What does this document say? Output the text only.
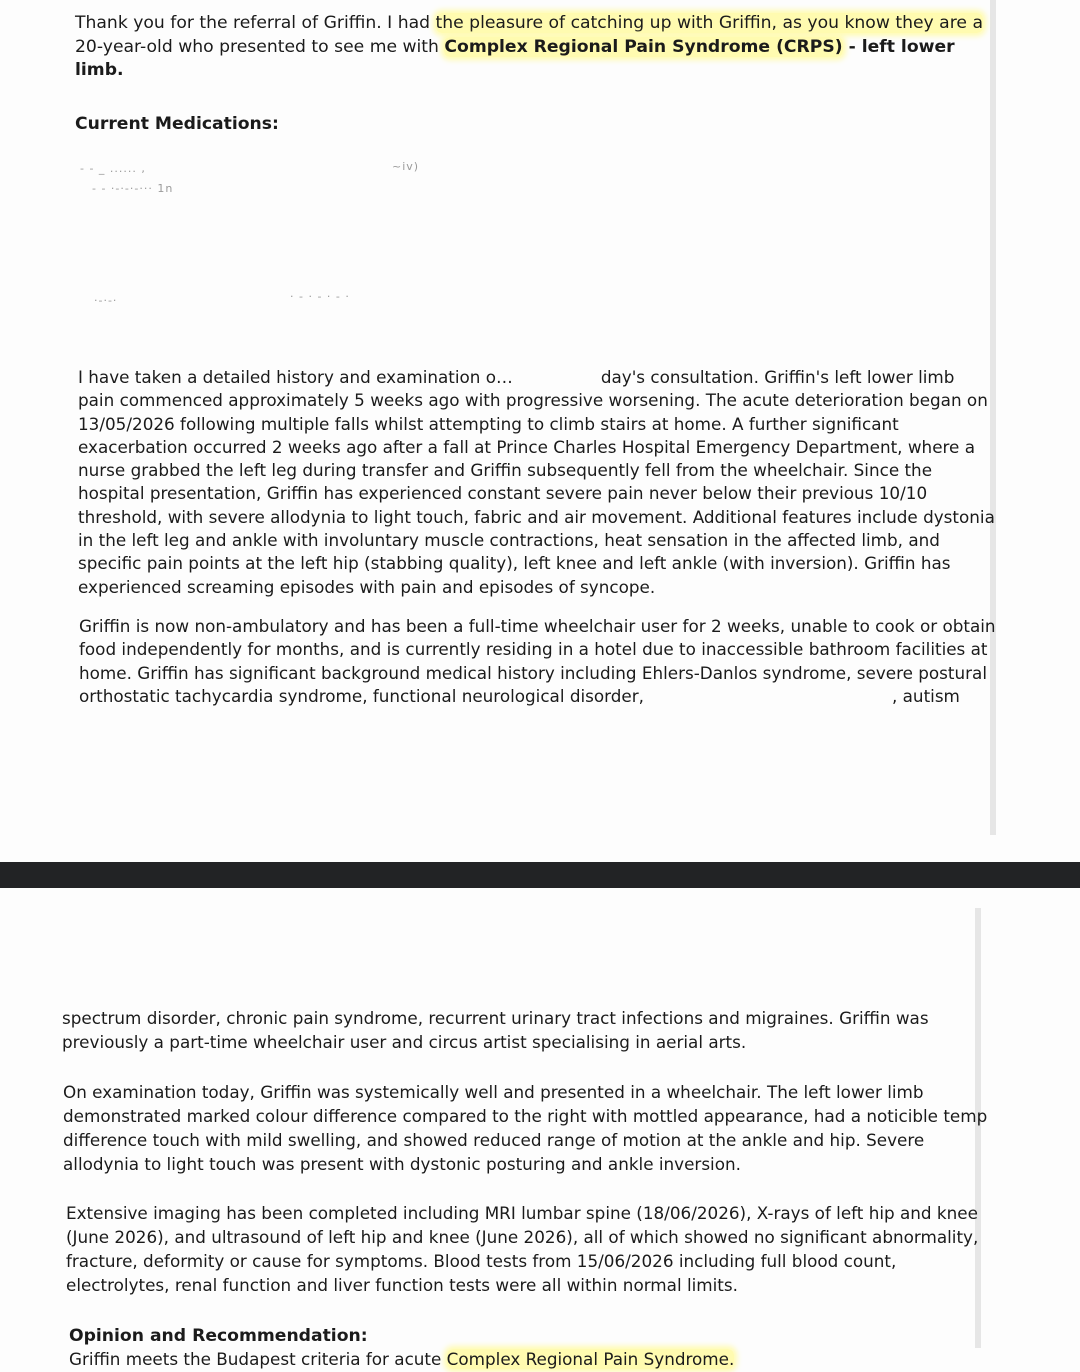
Thank you for the referral of Griffin. I had the pleasure of catching up with Griffin, as you know they are a
20-year-old who presented to see me with Complex Regional Pain Syndrome (CRPS) - left lower
limb.
Current Medications:
- - _ ...... ,	~iv)
- - ·-·-·-··· 1n
·-·-·	· - · - · - ·
I have taken a detailed history and examination o…	day's consultation. Griffin's left lower limb
pain commenced approximately 5 weeks ago with progressive worsening. The acute deterioration began on
13/05/2026 following multiple falls whilst attempting to climb stairs at home. A further significant
exacerbation occurred 2 weeks ago after a fall at Prince Charles Hospital Emergency Department, where a
nurse grabbed the left leg during transfer and Griffin subsequently fell from the wheelchair. Since the
hospital presentation, Griffin has experienced constant severe pain never below their previous 10/10
threshold, with severe allodynia to light touch, fabric and air movement. Additional features include dystonia
in the left leg and ankle with involuntary muscle contractions, heat sensation in the affected limb, and
specific pain points at the left hip (stabbing quality), left knee and left ankle (with inversion). Griffin has
experienced screaming episodes with pain and episodes of syncope.
Griffin is now non-ambulatory and has been a full-time wheelchair user for 2 weeks, unable to cook or obtain
food independently for months, and is currently residing in a hotel due to inaccessible bathroom facilities at
home. Griffin has significant background medical history including Ehlers-Danlos syndrome, severe postural
orthostatic tachycardia syndrome, functional neurological disorder,	, autism
spectrum disorder, chronic pain syndrome, recurrent urinary tract infections and migraines. Griffin was
previously a part-time wheelchair user and circus artist specialising in aerial arts.
On examination today, Griffin was systemically well and presented in a wheelchair. The left lower limb
demonstrated marked colour difference compared to the right with mottled appearance, had a noticible temp
difference touch with mild swelling, and showed reduced range of motion at the ankle and hip. Severe
allodynia to light touch was present with dystonic posturing and ankle inversion.
Extensive imaging has been completed including MRI lumbar spine (18/06/2026), X-rays of left hip and knee
(June 2026), and ultrasound of left hip and knee (June 2026), all of which showed no significant abnormality,
fracture, deformity or cause for symptoms. Blood tests from 15/06/2026 including full blood count,
electrolytes, renal function and liver function tests were all within normal limits.
Opinion and Recommendation:
Griffin meets the Budapest criteria for acute Complex Regional Pain Syndrome.
